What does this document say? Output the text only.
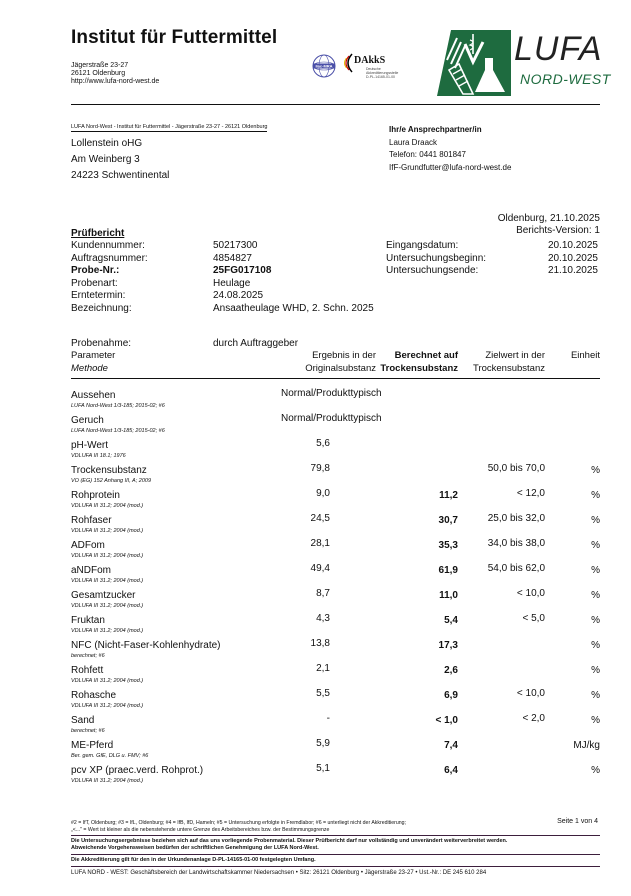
Institut für Futtermittel
Jägerstraße 23-27
26121 Oldenburg
http://www.lufa-nord-west.de
ilac-MRA
DAkkS
Deutsche
Akkreditierungsstelle
D-PL-14165-01-00
LUFA
NORD-WEST
LUFA Nord-West - Institut für Futtermittel - Jägerstraße 23-27 - 26121 Oldenburg
Lollenstein oHG
Am Weinberg 3
24223 Schwentinental
Ihr/e Ansprechpartner/in
Laura Draack
Telefon: 0441 801847
IfF-Grundfutter@lufa-nord-west.de
Oldenburg, 21.10.2025
Berichts-Version: 1
Prüfbericht
Kundennummer:	50217300
Auftragsnummer:	4854827
Probe-Nr.:	25FG017108
Probenart:	Heulage
Erntetermin:	24.08.2025
Bezeichnung:	Ansaatheulage WHD, 2. Schn. 2025
Eingangsdatum:	20.10.2025
Untersuchungsbeginn:	20.10.2025
Untersuchungsende:	21.10.2025
Probenahme:	durch Auftraggeber
Parameter
Methode
Ergebnis in der
Originalsubstanz
Berechnet auf
Trockensubstanz
Zielwert in der
Trockensubstanz
Einheit
Aussehen
LUFA Nord-West 1/3-185; 2015-02; #6
Normal/Produkttypisch
Geruch
LUFA Nord-West 1/3-185; 2015-02; #6
Normal/Produkttypisch
pH-Wert
VDLUFA III 18.1; 1976
5,6
Trockensubstanz
VO (EG) 152 Anhang III, A; 2009
79,8	50,0 bis 70,0	%
Rohprotein
VDLUFA III 31.2; 2004 (mod.)
9,0	11,2	< 12,0	%
Rohfaser
VDLUFA III 31.2; 2004 (mod.)
24,5	30,7	25,0 bis 32,0	%
ADFom
VDLUFA III 31.2; 2004 (mod.)
28,1	35,3	34,0 bis 38,0	%
aNDFom
VDLUFA III 31.2; 2004 (mod.)
49,4	61,9	54,0 bis 62,0	%
Gesamtzucker
VDLUFA III 31.2; 2004 (mod.)
8,7	11,0	< 10,0	%
Fruktan
VDLUFA III 31.2; 2004 (mod.)
4,3	5,4	< 5,0	%
NFC (Nicht-Faser-Kohlenhydrate)
berechnet; #6
13,8	17,3	%
Rohfett
VDLUFA III 31.2; 2004 (mod.)
2,1	2,6	%
Rohasche
VDLUFA III 31.2; 2004 (mod.)
5,5	6,9	< 10,0	%
Sand
berechnet; #6
-	< 1,0	< 2,0	%
ME-Pferd
Ber. gem. GfE, DLG u. FMV; #6
5,9	7,4	MJ/kg
pcv XP (praec.verd. Rohprot.)
VDLUFA III 31.2; 2004 (mod.)
5,1	6,4	%
#2 = IfT, Oldenburg; #3 = IfL, Oldenburg; #4 = IfB, IfD, Hameln; #5 = Untersuchung erfolgte in Fremdlabor; #6 = unterliegt nicht der Akkreditierung;
„<..." = Wert ist kleiner als die nebenstehende untere Grenze des Arbeitsbereiches bzw. der Bestimmungsgrenze
Seite 1 von 4
Die Untersuchungsergebnisse beziehen sich auf das uns vorliegende Probenmaterial. Dieser Prüfbericht darf nur vollständig und unverändert weiterverbreitet werden.
Abweichende Vorgehensweisen bedürfen der schriftlichen Genehmigung der LUFA Nord-West.
Die Akkreditierung gilt für den in der Urkundenanlage D-PL-14165-01-00 festgelegten Umfang.
LUFA NORD - WEST: Geschäftsbereich der Landwirtschaftskammer Niedersachsen • Sitz: 26121 Oldenburg • Jägerstraße 23-27 • Ust.-Nr.: DE 245 610 284
